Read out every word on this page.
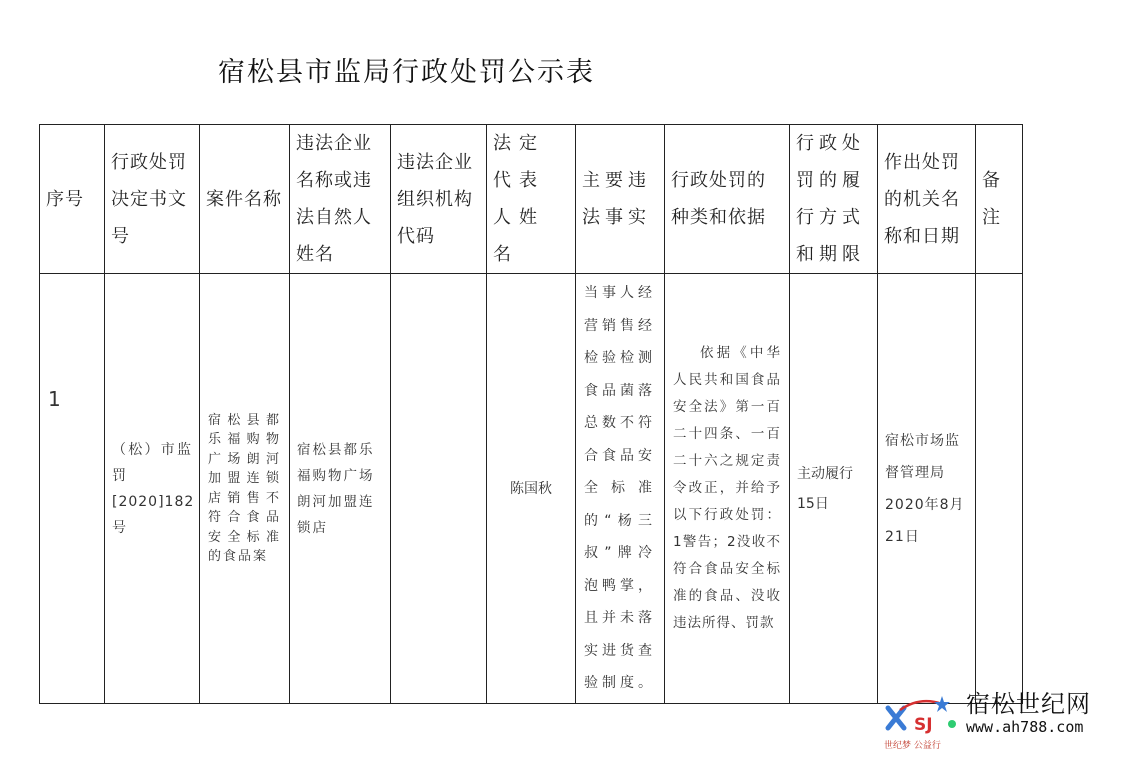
宿松县市监局行政处罚公示表
序号	行政处罚决定书文号	案件名称	违法企业名称或违法自然人姓名	违法企业组织机构代码	法定代表人姓名	主要违法事实	行政处罚的种类和依据	行政处罚的履行方式和期限	作出处罚的机关名称和日期	备注

1	（松）市监罚[2020]182号	宿松县都乐福购物广场朗河加盟连锁店销售不符合食品安全标准的食品案	宿松县都乐福购物广场朗河加盟连锁店		陈国秋	当事人经营销售经检验检测食品菌落总数不符合食品安全标准的“杨三叔”牌冷泡鸭掌，且并未落实进货查验制度。	依据《中华人民共和国食品安全法》第一百二十四条、一百二十六之规定责令改正，并给予以下行政处罚：1警告；2没收不符合食品安全标准的食品、没收违法所得、罚款	主动履行15日	宿松市场监督管理局2020年8月21日	

SJ
宿松世纪网
www.ah788.com
世纪梦 公益行
